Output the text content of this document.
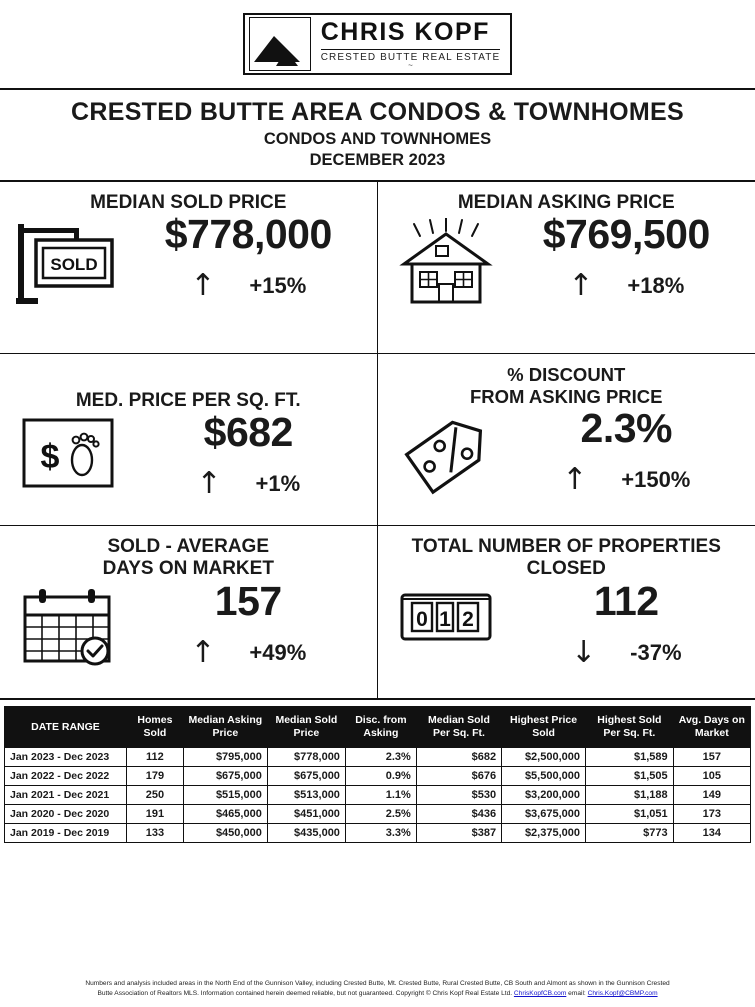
CHRIS KOPF
CRESTED BUTTE REAL ESTATE
~
CRESTED BUTTE AREA CONDOS & TOWNHOMES
CONDOS AND TOWNHOMES
DECEMBER 2023
MEDIAN SOLD PRICE
SOLD
$778,000
↑ +15%
MEDIAN ASKING PRICE
$769,500
↑ +18%
MED. PRICE PER SQ. FT.
$
$682
↑ +1%
% DISCOUNT
FROM ASKING PRICE
2.3%
↑ +150%
SOLD - AVERAGE
DAYS ON MARKET
157
↑ +49%
TOTAL NUMBER OF PROPERTIES
CLOSED
0 1 2	112
↓ -37%
DATE RANGE	Homes Sold	Median Asking Price	Median Sold Price	Disc. from Asking	Median Sold Per Sq. Ft.	Highest Price Sold	Highest Sold Per Sq. Ft.	Avg. Days on Market
Jan 2023 - Dec 2023	112	$795,000	$778,000	2.3%	$682	$2,500,000	$1,589	157
Jan 2022 - Dec 2022	179	$675,000	$675,000	0.9%	$676	$5,500,000	$1,505	105
Jan 2021 - Dec 2021	250	$515,000	$513,000	1.1%	$530	$3,200,000	$1,188	149
Jan 2020 - Dec 2020	191	$465,000	$451,000	2.5%	$436	$3,675,000	$1,051	173
Jan 2019 - Dec 2019	133	$450,000	$435,000	3.3%	$387	$2,375,000	$773	134
Numbers and analysis included areas in the North End of the Gunnison Valley, including Crested Butte, Mt. Crested Butte, Rural Crested Butte, CB South and Almont as shown in the Gunnison Crested
Butte Association of Realtors MLS. Information contained herein deemed reliable, but not guaranteed. Copyright © Chris Kopf Real Estate Ltd. ChrisKopfCB.com email: Chris.Kopf@CBMP.com
